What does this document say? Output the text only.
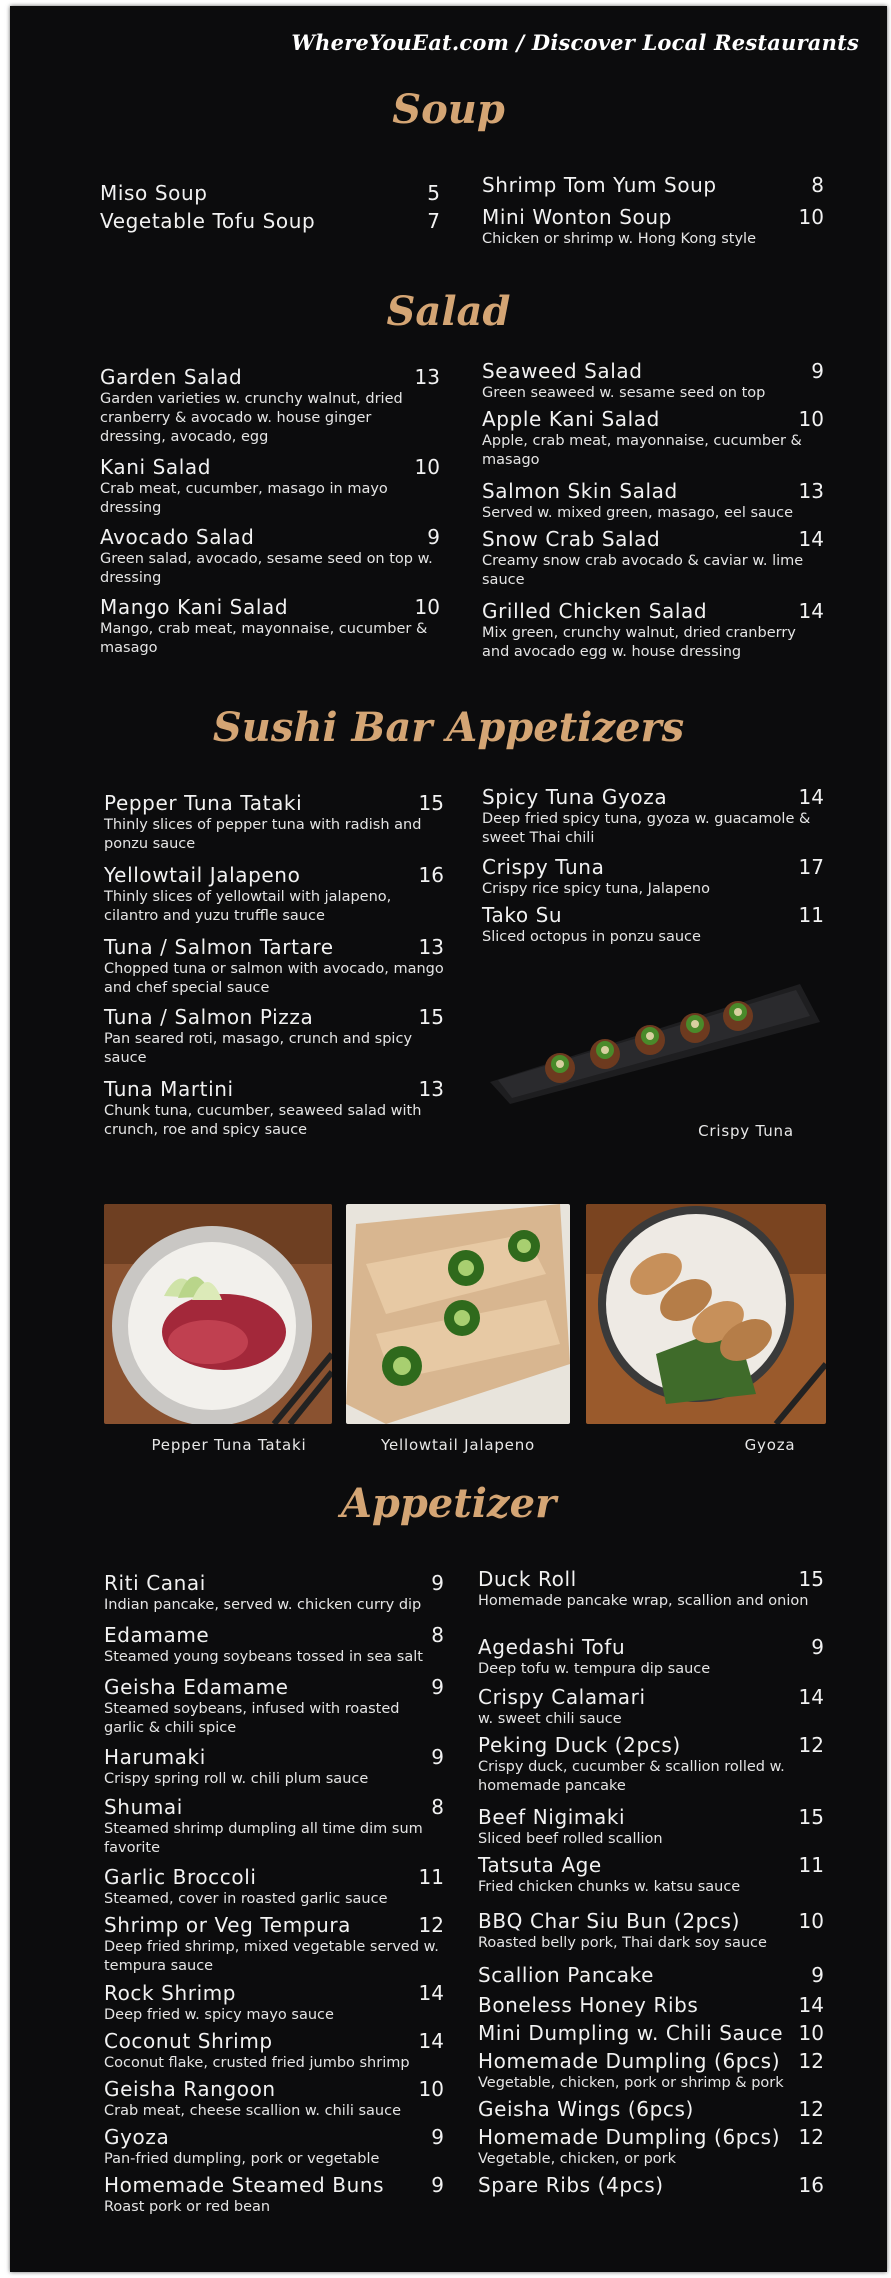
WhereYouEat.com / Discover Local Restaurants
Soup
Miso Soup	5
Vegetable Tofu Soup	7
Shrimp Tom Yum Soup	8
Mini Wonton Soup	10
Chicken or shrimp w. Hong Kong style
Salad
Garden Salad	13
Garden varieties w. crunchy walnut, dried cranberry & avocado w. house ginger dressing, avocado, egg
Kani Salad	10
Crab meat, cucumber, masago in mayo dressing
Avocado Salad	9
Green salad, avocado, sesame seed on top w. dressing
Mango Kani Salad	10
Mango, crab meat, mayonnaise, cucumber & masago
Seaweed Salad	9
Green seaweed w. sesame seed on top
Apple Kani Salad	10
Apple, crab meat, mayonnaise, cucumber & masago
Salmon Skin Salad	13
Served w. mixed green, masago, eel sauce
Snow Crab Salad	14
Creamy snow crab avocado & caviar w. lime sauce
Grilled Chicken Salad	14
Mix green, crunchy walnut, dried cranberry and avocado egg w. house dressing
Sushi Bar Appetizers
Pepper Tuna Tataki	15
Thinly slices of pepper tuna with radish and ponzu sauce
Yellowtail Jalapeno	16
Thinly slices of yellowtail with jalapeno, cilantro and yuzu truffle sauce
Tuna / Salmon Tartare	13
Chopped tuna or salmon with avocado, mango and chef special sauce
Tuna / Salmon Pizza	15
Pan seared roti, masago, crunch and spicy sauce
Tuna Martini	13
Chunk tuna, cucumber, seaweed salad with crunch, roe and spicy sauce
Spicy Tuna Gyoza	14
Deep fried spicy tuna, gyoza w. guacamole & sweet Thai chili
Crispy Tuna	17
Crispy rice spicy tuna, Jalapeno
Tako Su	11
Sliced octopus in ponzu sauce
Crispy Tuna
Pepper Tuna Tataki	Yellowtail Jalapeno	Gyoza
Appetizer
Riti Canai	9
Indian pancake, served w. chicken curry dip
Edamame	8
Steamed young soybeans tossed in sea salt
Geisha Edamame	9
Steamed soybeans, infused with roasted garlic & chili spice
Harumaki	9
Crispy spring roll w. chili plum sauce
Shumai	8
Steamed shrimp dumpling all time dim sum favorite
Garlic Broccoli	11
Steamed, cover in roasted garlic sauce
Shrimp or Veg Tempura	12
Deep fried shrimp, mixed vegetable served w. tempura sauce
Rock Shrimp	14
Deep fried w. spicy mayo sauce
Coconut Shrimp	14
Coconut flake, crusted fried jumbo shrimp
Geisha Rangoon	10
Crab meat, cheese scallion w. chili sauce
Gyoza	9
Pan-fried dumpling, pork or vegetable
Homemade Steamed Buns	9
Roast pork or red bean
Duck Roll	15
Homemade pancake wrap, scallion and onion
Agedashi Tofu	9
Deep tofu w. tempura dip sauce
Crispy Calamari	14
w. sweet chili sauce
Peking Duck (2pcs)	12
Crispy duck, cucumber & scallion rolled w. homemade pancake
Beef Nigimaki	15
Sliced beef rolled scallion
Tatsuta Age	11
Fried chicken chunks w. katsu sauce
BBQ Char Siu Bun (2pcs)	10
Roasted belly pork, Thai dark soy sauce
Scallion Pancake	9
Boneless Honey Ribs	14
Mini Dumpling w. Chili Sauce 10
Homemade Dumpling (6pcs) 12
Vegetable, chicken, pork or shrimp & pork
Geisha Wings (6pcs)	12
Homemade Dumpling (6pcs) 12
Vegetable, chicken, or pork
Spare Ribs (4pcs)	16
